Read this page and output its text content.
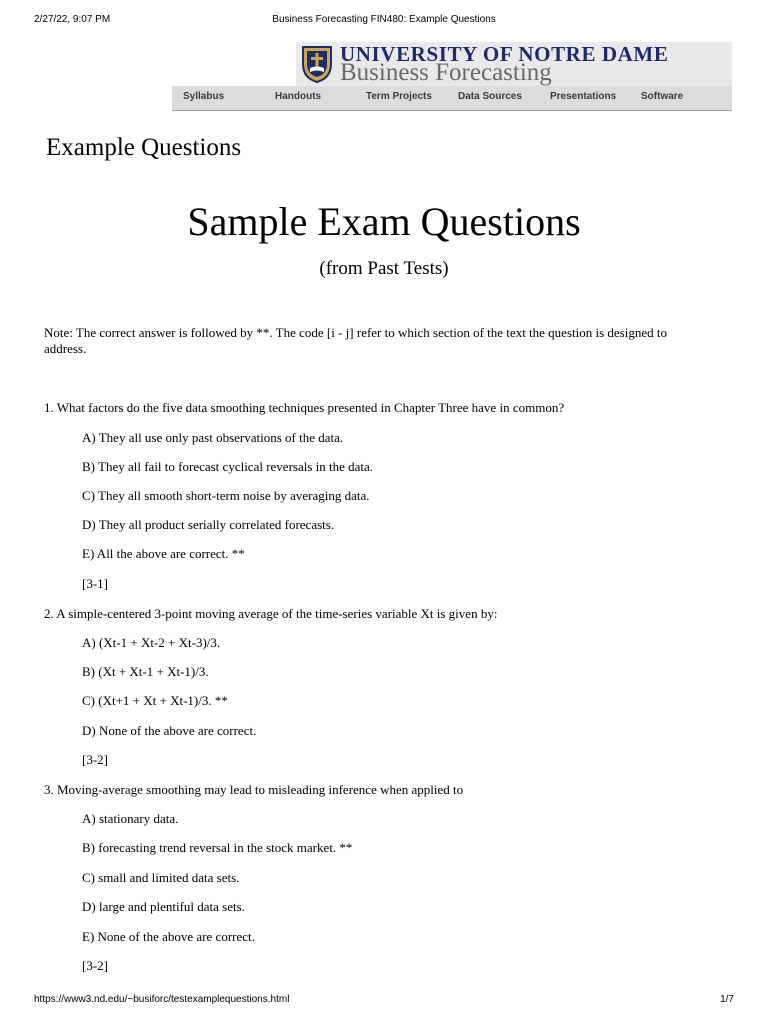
2/27/22, 9:07 PM	Business Forecasting FIN480: Example Questions
UNIVERSITY OF NOTRE DAME
Business Forecasting
Syllabus	Handouts	Term Projects	Data Sources	Presentations Software
Example Questions
Sample Exam Questions
(from Past Tests)
Note: The correct answer is followed by **. The code [i - j] refer to which section of the text the question is designed to address.
1. What factors do the five data smoothing techniques presented in Chapter Three have in common?
A) They all use only past observations of the data.
B) They all fail to forecast cyclical reversals in the data.
C) They all smooth short-term noise by averaging data.
D) They all product serially correlated forecasts.
E) All the above are correct. **
[3-1]
2. A simple-centered 3-point moving average of the time-series variable Xt is given by:
A) (Xt-1 + Xt-2 + Xt-3)/3.
B) (Xt + Xt-1 + Xt-1)/3.
C) (Xt+1 + Xt + Xt-1)/3. **
D) None of the above are correct.
[3-2]
3. Moving-average smoothing may lead to misleading inference when applied to
A) stationary data.
B) forecasting trend reversal in the stock market. **
C) small and limited data sets.
D) large and plentiful data sets.
E) None of the above are correct.
[3-2]
https://www3.nd.edu/~busiforc/testexamplequestions.html	1/7
